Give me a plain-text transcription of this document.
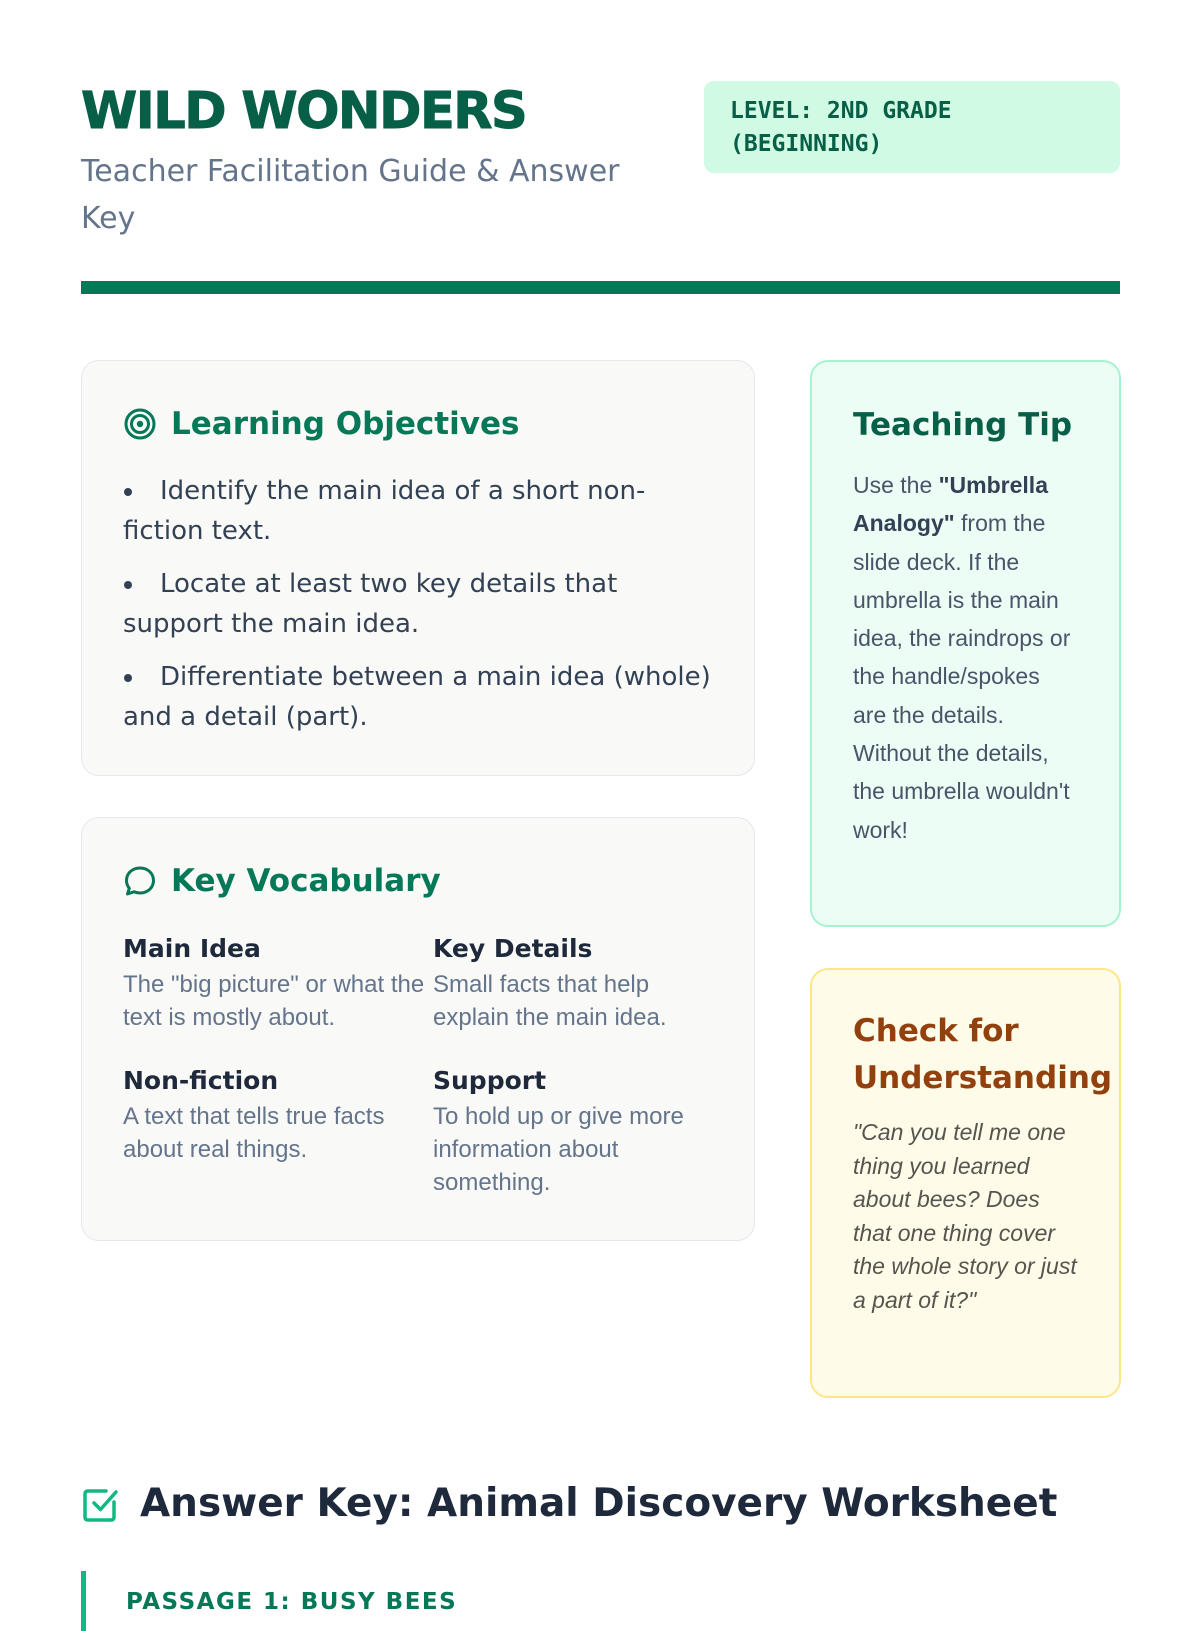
WILD WONDERS

Teacher Facilitation Guide & Answer Key

LEVEL: 2ND GRADE (BEGINNING)
Learning Objectives
Identify the main idea of a short non-fiction text.
Locate at least two key details that support the main idea.
Differentiate between a main idea (whole) and a detail (part).
Key Vocabulary
Main Idea
The "big picture" or what the text is mostly about.
Key Details
Small facts that help explain the main idea.
Non-fiction
A text that tells true facts about real things.
Support
To hold up or give more information about something.
Teaching Tip

Use the "Umbrella Analogy" from the slide deck. If the umbrella is the main idea, the raindrops or the handle/spokes are the details. Without the details, the umbrella wouldn't work!

Check for Understanding

"Can you tell me one thing you learned about bees? Does that one thing cover the whole story or just a part of it?"

Answer Key: Animal Discovery Worksheet
PASSAGE 1: BUSY BEES
